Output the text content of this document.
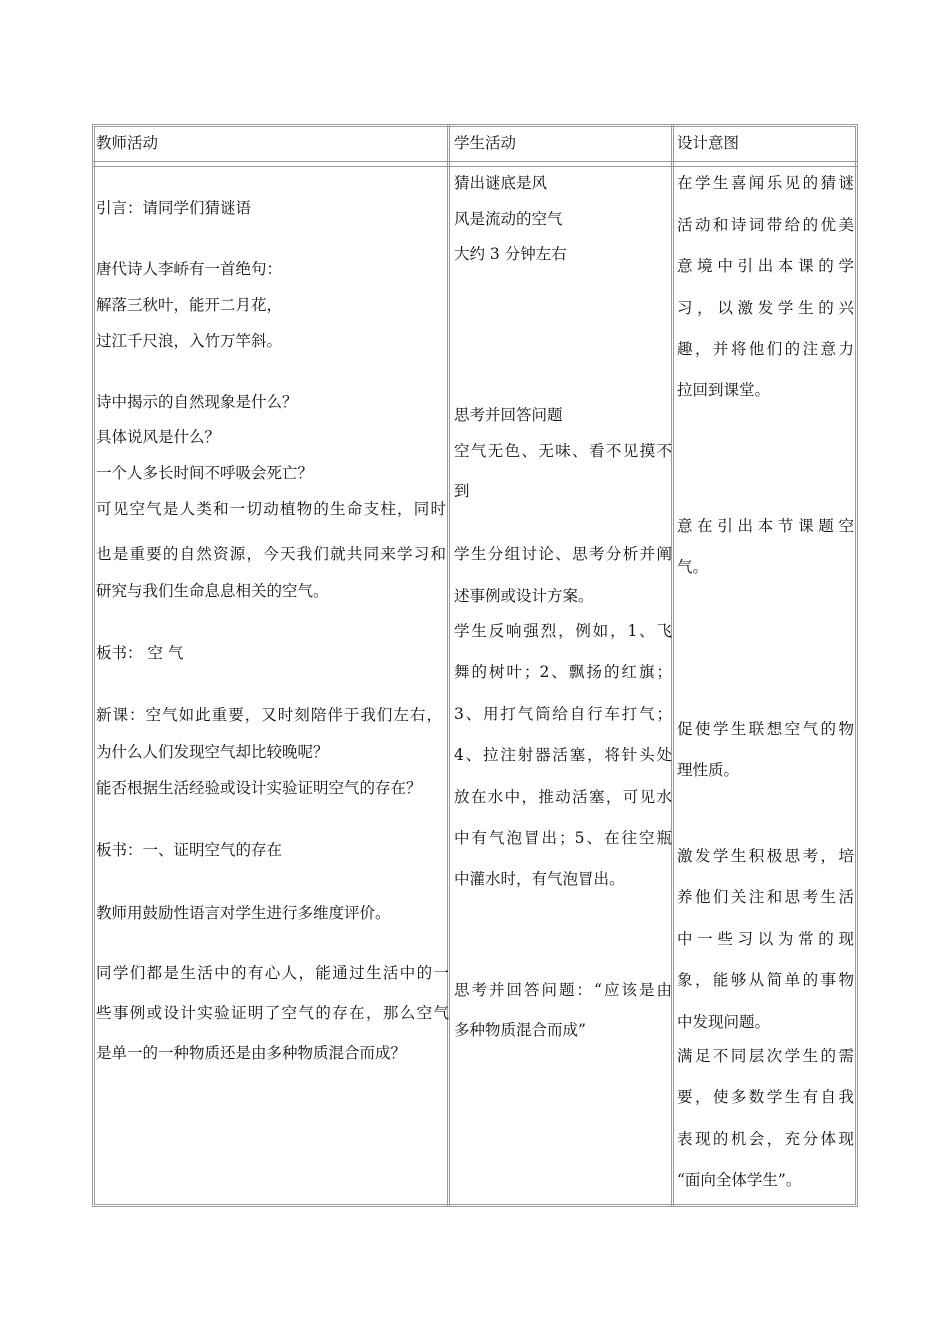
教师活动	学生活动	设计意图
引言：请同学们猜谜语
唐代诗人李峤有一首绝句：
解落三秋叶，能开二月花，
过江千尺浪，入竹万竿斜。
诗中揭示的自然现象是什么？
具体说风是什么？
一个人多长时间不呼吸会死亡？
可见空气是人类和一切动植物的生命支柱，同时
也是重要的自然资源，今天我们就共同来学习和
研究与我们生命息息相关的空气。
板书： 空 气
新课：空气如此重要，又时刻陪伴于我们左右，
为什么人们发现空气却比较晚呢？
能否根据生活经验或设计实验证明空气的存在？
板书：一、证明空气的存在
教师用鼓励性语言对学生进行多维度评价。
同学们都是生活中的有心人，能通过生活中的一
些事例或设计实验证明了空气的存在，那么空气
是单一的一种物质还是由多种物质混合而成？
猜出谜底是风
风是流动的空气
大约 3 分钟左右
思考并回答问题
空气无色、无味、看不见摸不
到
学生分组讨论、思考分析并阐
述事例或设计方案。
学生反响强烈，例如，1、飞
舞的树叶；2、飘扬的红旗；
3、用打气筒给自行车打气；
4、拉注射器活塞，将针头处
放在水中，推动活塞，可见水
中有气泡冒出；5、在往空瓶
中灌水时，有气泡冒出。
思考并回答问题：“应该是由
多种物质混合而成”
在学生喜闻乐见的猜谜
活动和诗词带给的优美
意境中引出本课的学
习，以激发学生的兴
趣，并将他们的注意力
拉回到课堂。
意在引出本节课题空
气。
促使学生联想空气的物
理性质。
激发学生积极思考，培
养他们关注和思考生活
中一些习以为常的现
象，能够从简单的事物
中发现问题。
满足不同层次学生的需
要，使多数学生有自我
表现的机会，充分体现
“面向全体学生”。
